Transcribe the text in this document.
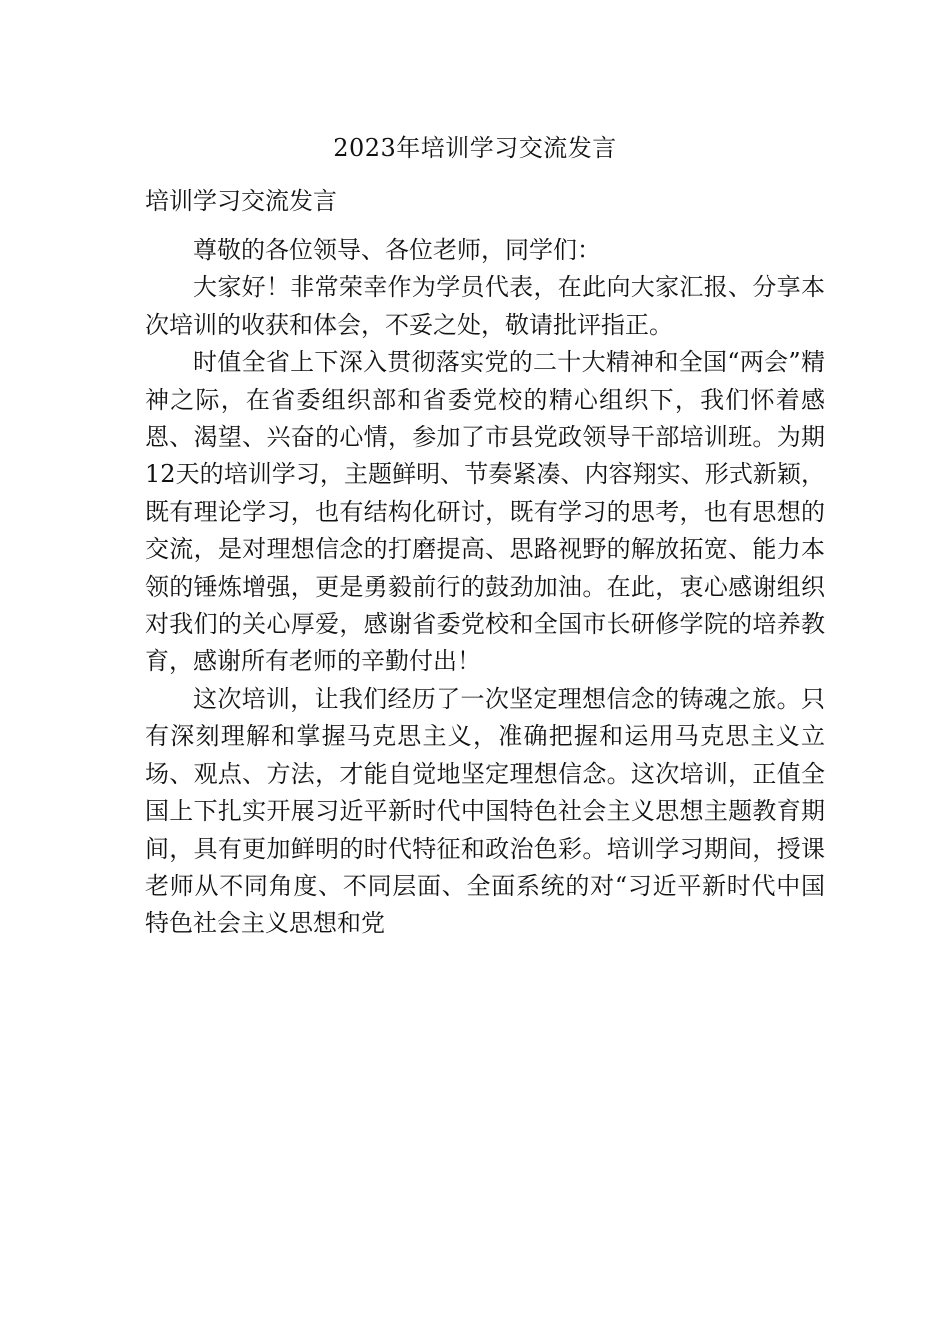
2023年培训学习交流发言
培训学习交流发言

尊敬的各位领导、各位老师，同学们：

大家好！非常荣幸作为学员代表，在此向大家汇报、分享本次培训的收获和体会，不妥之处，敬请批评指正。

时值全省上下深入贯彻落实党的二十大精神和全国“两会”精神之际，在省委组织部和省委党校的精心组织下，我们怀着感恩、渴望、兴奋的心情，参加了市县党政领导干部培训班。为期12天的培训学习，主题鲜明、节奏紧凑、内容翔实、形式新颖，既有理论学习，也有结构化研讨，既有学习的思考，也有思想的交流，是对理想信念的打磨提高、思路视野的解放拓宽、能力本领的锤炼增强，更是勇毅前行的鼓劲加油。在此，衷心感谢组织对我们的关心厚爱，感谢省委党校和全国市长研修学院的培养教育，感谢所有老师的辛勤付出！

这次培训，让我们经历了一次坚定理想信念的铸魂之旅。只有深刻理解和掌握马克思主义，准确把握和运用马克思主义立场、观点、方法，才能自觉地坚定理想信念。这次培训，正值全国上下扎实开展习近平新时代中国特色社会主义思想主题教育期间，具有更加鲜明的时代特征和政治色彩。培训学习期间，授课老师从不同角度、不同层面、全面系统的对“习近平新时代中国特色社会主义思想和党
